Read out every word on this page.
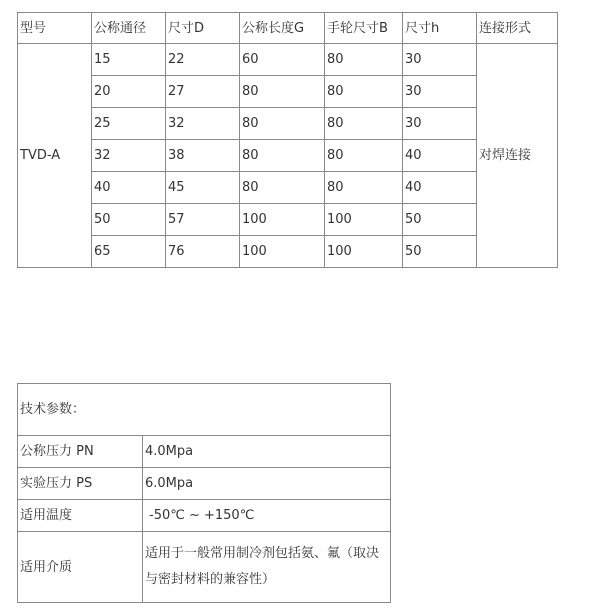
型号	公称通径	尺寸D	公称长度G	手轮尺寸B	尺寸h	连接形式
TVD-A	15	22	60	80	30	对焊连接
	20	27	80	80	30	
	25	32	80	80	30	
	32	38	80	80	40	
	40	45	80	80	40	
	50	57	100	100	50	
	65	76	100	100	50	
技术参数：	
公称压力 PN	4.0Mpa
实验压力 PS	6.0Mpa
适用温度	-50℃ ~ +150℃
适用介质	适用于一般常用制冷剂包括氨、氟（取决与密封材料的兼容性）
